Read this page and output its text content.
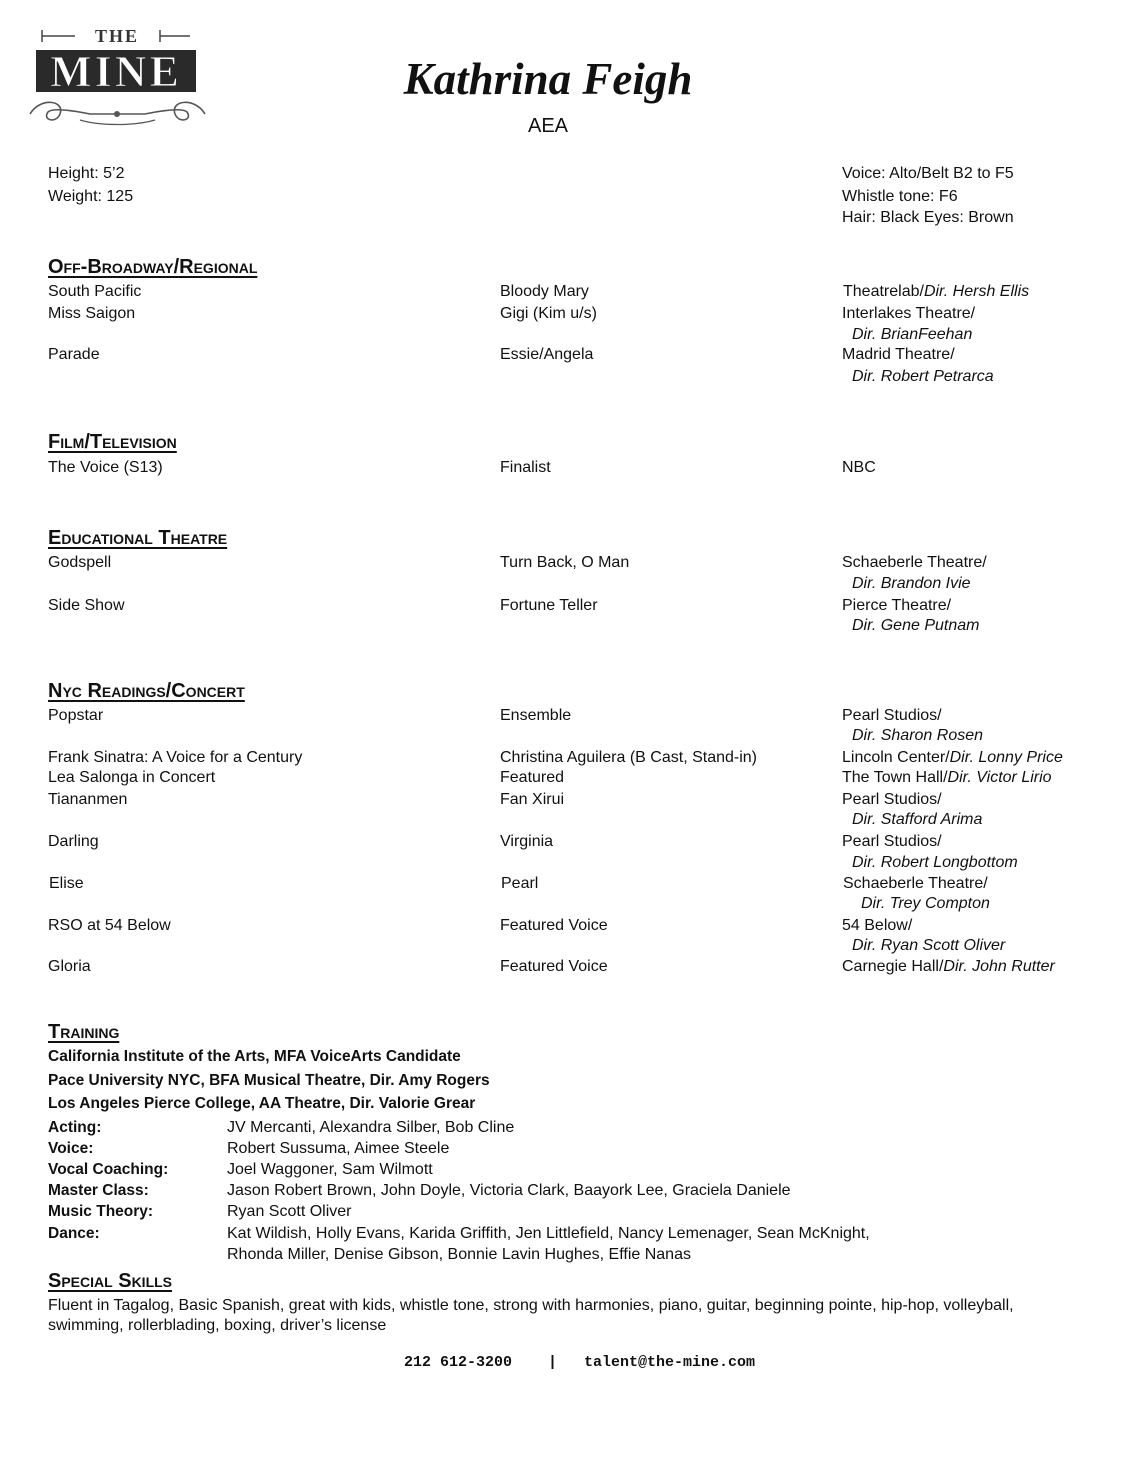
THE
MINE	Kathrina Feigh
AEA
Height: 5’2
Weight: 125
Voice: Alto/Belt B2 to F5
Whistle tone: F6
Hair: Black Eyes: Brown
Off-Broadway/Regional
South Pacific	Bloody Mary	Theatrelab/Dir. Hersh Ellis
Miss Saigon	Gigi (Kim u/s)	Interlakes Theatre/
Dir. BrianFeehan
Parade	Essie/Angela	Madrid Theatre/
Dir. Robert Petrarca
Film/Television
The Voice (S13)	Finalist	NBC
Educational Theatre
Godspell	Turn Back, O Man	Schaeberle Theatre/
Dir. Brandon Ivie
Side Show	Fortune Teller	Pierce Theatre/
Dir. Gene Putnam
Nyc Readings/Concert
Popstar	Ensemble	Pearl Studios/
Dir. Sharon Rosen
Frank Sinatra: A Voice for a Century	Christina Aguilera (B Cast, Stand-in)	Lincoln Center/Dir. Lonny Price
Lea Salonga in Concert	Featured	The Town Hall/Dir. Victor Lirio
Tiananmen	Fan Xirui	Pearl Studios/
Dir. Stafford Arima
Darling	Virginia	Pearl Studios/
Dir. Robert Longbottom
Elise	Pearl	Schaeberle Theatre/
Dir. Trey Compton
RSO at 54 Below	Featured Voice	54 Below/
Dir. Ryan Scott Oliver
Gloria	Featured Voice	Carnegie Hall/Dir. John Rutter
Training
California Institute of the Arts, MFA VoiceArts Candidate
Pace University NYC, BFA Musical Theatre, Dir. Amy Rogers
Los Angeles Pierce College, AA Theatre, Dir. Valorie Grear
Acting:	JV Mercanti, Alexandra Silber, Bob Cline
Voice:	Robert Sussuma, Aimee Steele
Vocal Coaching:	Joel Waggoner, Sam Wilmott
Master Class:	Jason Robert Brown, John Doyle, Victoria Clark, Baayork Lee, Graciela Daniele
Music Theory:	Ryan Scott Oliver
Dance:	Kat Wildish, Holly Evans, Karida Griffith, Jen Littlefield, Nancy Lemenager, Sean McKnight,
Rhonda Miller, Denise Gibson, Bonnie Lavin Hughes, Effie Nanas
Special Skills
Fluent in Tagalog, Basic Spanish, great with kids, whistle tone, strong with harmonies, piano, guitar, beginning pointe, hip-hop, volleyball,
swimming, rollerblading, boxing, driver’s license
212 612-3200 | talent@the-mine.com
